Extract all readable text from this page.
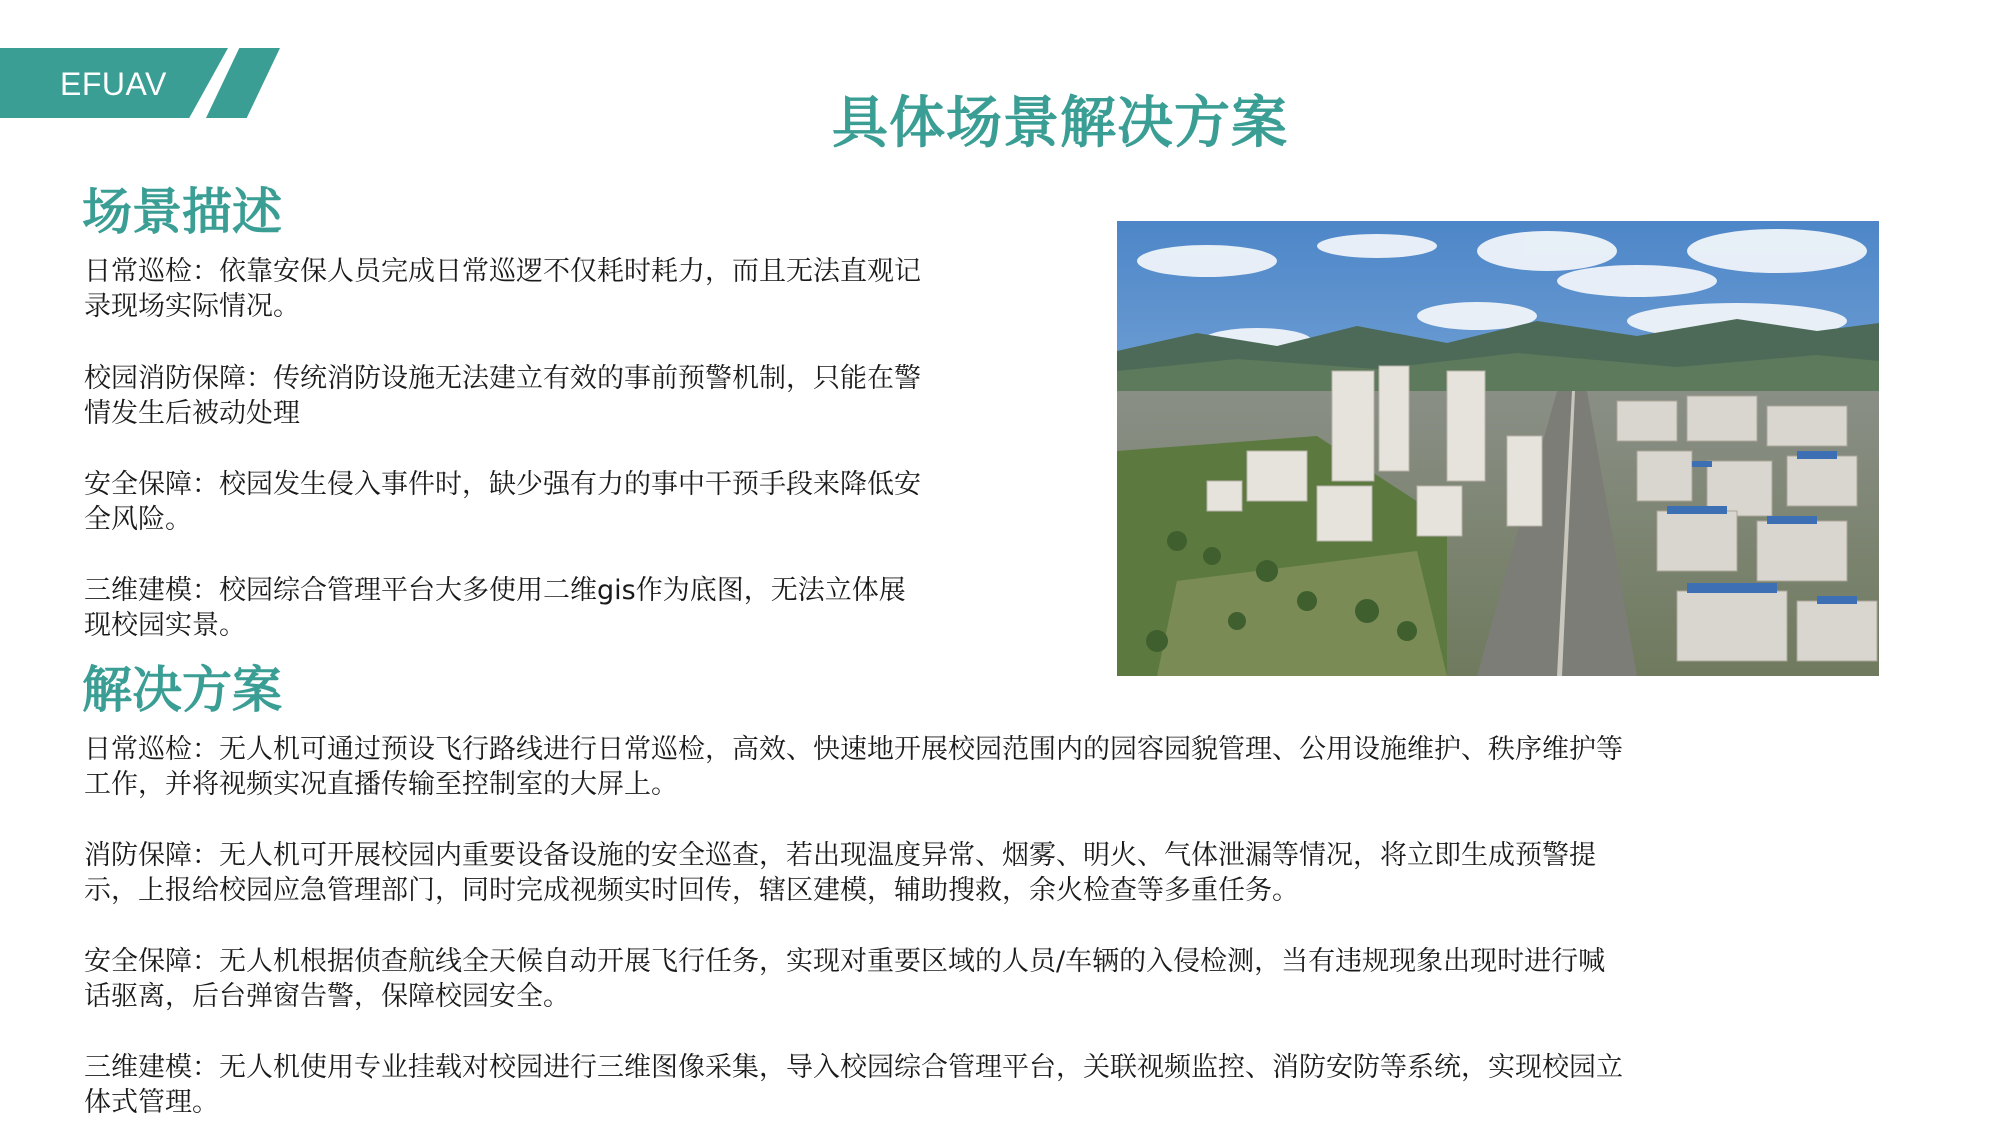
EFUAV
具体场景解决方案
场景描述
日常巡检：依靠安保人员完成日常巡逻不仅耗时耗力，而且无法直观记录现场实际情况。
校园消防保障：传统消防设施无法建立有效的事前预警机制，只能在警情发生后被动处理
安全保障：校园发生侵入事件时，缺少强有力的事中干预手段来降低安全风险。
三维建模：校园综合管理平台大多使用二维gis作为底图，无法立体展现校园实景。
解决方案
日常巡检：无人机可通过预设飞行路线进行日常巡检，高效、快速地开展校园范围内的园容园貌管理、公用设施维护、秩序维护等工作，并将视频实况直播传输至控制室的大屏上。
消防保障：无人机可开展校园内重要设备设施的安全巡查，若出现温度异常、烟雾、明火、气体泄漏等情况，将立即生成预警提示，上报给校园应急管理部门，同时完成视频实时回传，辖区建模，辅助搜救，余火检查等多重任务。
安全保障：无人机根据侦查航线全天候自动开展飞行任务，实现对重要区域的人员/车辆的入侵检测，当有违规现象出现时进行喊话驱离，后台弹窗告警，保障校园安全。
三维建模：无人机使用专业挂载对校园进行三维图像采集，导入校园综合管理平台，关联视频监控、消防安防等系统，实现校园立体式管理。
